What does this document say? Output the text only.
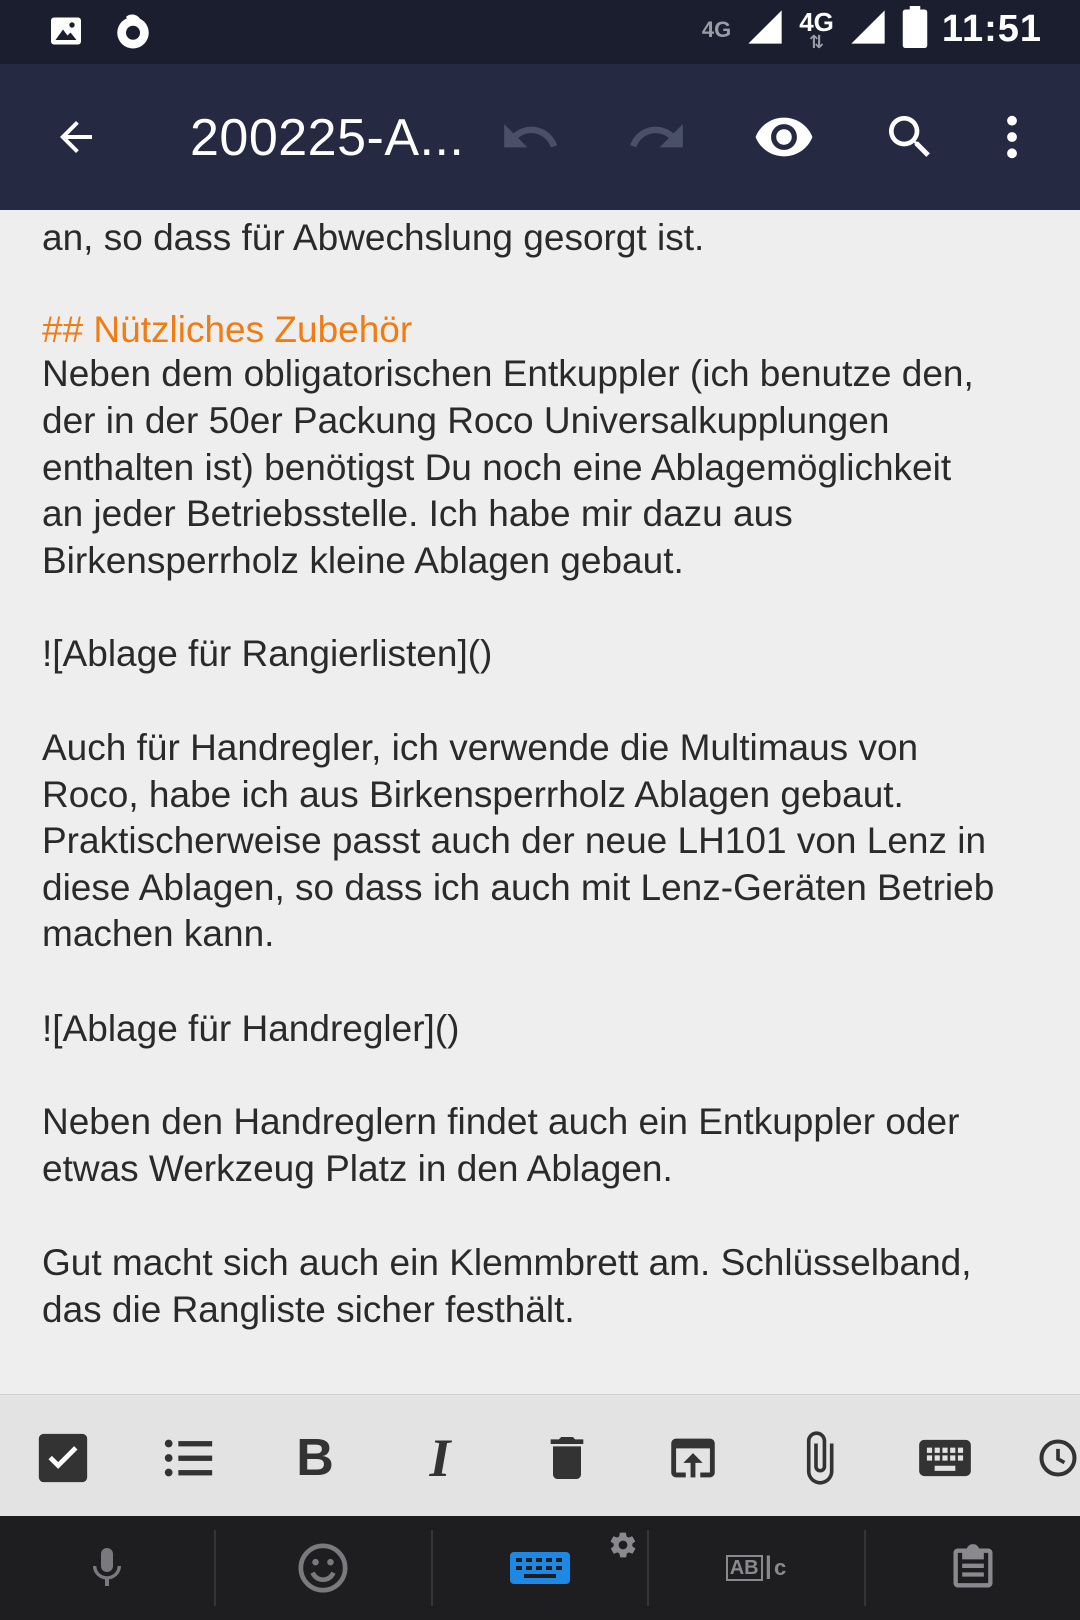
4G	4G
⇅	11:51
200225-A...
an, so dass für Abwechslung gesorgt ist.
## Nützliches Zubehör
Neben dem obligatorischen Entkuppler (ich benutze den,
der in der 50er Packung Roco Universalkupplungen
enthalten ist) benötigst Du noch eine Ablagemöglichkeit
an jeder Betriebsstelle. Ich habe mir dazu aus
Birkensperrholz kleine Ablagen gebaut.
![Ablage für Rangierlisten]()
Auch für Handregler, ich verwende die Multimaus von
Roco, habe ich aus Birkensperrholz Ablagen gebaut.
Praktischerweise passt auch der neue LH101 von Lenz in
diese Ablagen, so dass ich auch mit Lenz-Geräten Betrieb
machen kann.
![Ablage für Handregler]()
Neben den Handreglern findet auch ein Entkuppler oder
etwas Werkzeug Platz in den Ablagen.
Gut macht sich auch ein Klemmbrett am. Schlüsselband,
das die Rangliste sicher festhält.
B	I
AB I c
